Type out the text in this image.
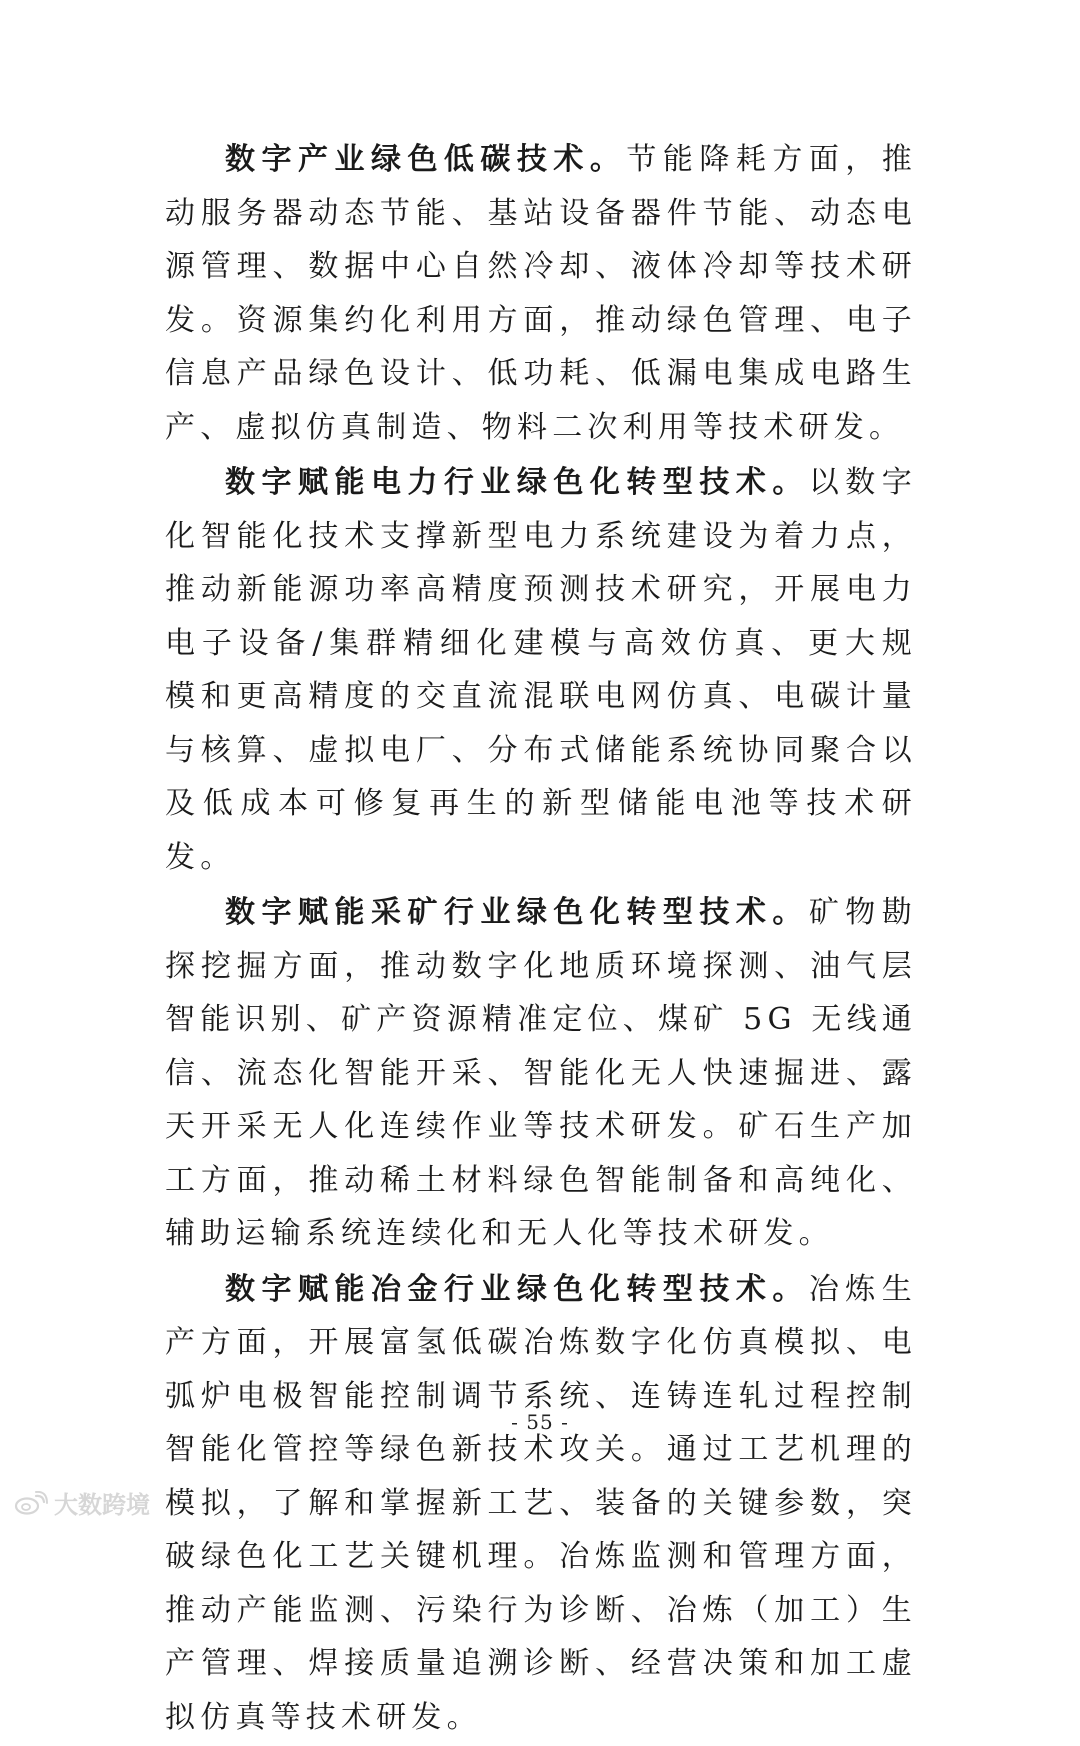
数字产业绿色低碳技术。节能降耗方面，推动服务器动态节能、基站设备器件节能、动态电源管理、数据中心自然冷却、液体冷却等技术研发。资源集约化利用方面，推动绿色管理、电子信息产品绿色设计、低功耗、低漏电集成电路生产、虚拟仿真制造、物料二次利用等技术研发。

数字赋能电力行业绿色化转型技术。以数字化智能化技术支撑新型电力系统建设为着力点，推动新能源功率高精度预测技术研究，开展电力电子设备/集群精细化建模与高效仿真、更大规模和更高精度的交直流混联电网仿真、电碳计量与核算、虚拟电厂、分布式储能系统协同聚合以及低成本可修复再生的新型储能电池等技术研发。

数字赋能采矿行业绿色化转型技术。矿物勘探挖掘方面，推动数字化地质环境探测、油气层智能识别、矿产资源精准定位、煤矿 5G 无线通信、流态化智能开采、智能化无人快速掘进、露天开采无人化连续作业等技术研发。矿石生产加工方面，推动稀土材料绿色智能制备和高纯化、辅助运输系统连续化和无人化等技术研发。

数字赋能冶金行业绿色化转型技术。冶炼生产方面，开展富氢低碳冶炼数字化仿真模拟、电弧炉电极智能控制调节系统、连铸连轧过程控制智能化管控等绿色新技术攻关。通过工艺机理的模拟，了解和掌握新工艺、装备的关键参数，突破绿色化工艺关键机理。冶炼监测和管理方面，推动产能监测、污染行为诊断、冶炼（加工）生产管理、焊接质量追溯诊断、经营决策和加工虚拟仿真等技术研发。

- 55 -
大数跨境
